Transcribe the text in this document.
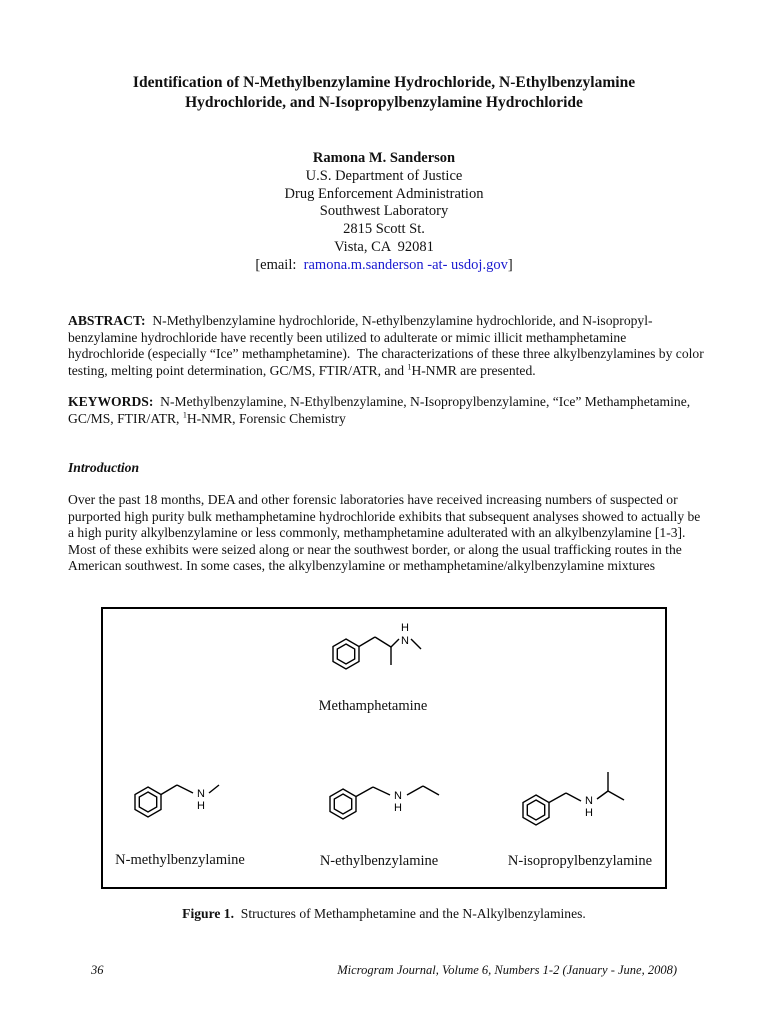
Identification of N-Methylbenzylamine Hydrochloride, N-Ethylbenzylamine
Hydrochloride, and N-Isopropylbenzylamine Hydrochloride
Ramona M. Sanderson
U.S. Department of Justice
Drug Enforcement Administration
Southwest Laboratory
2815 Scott St.
Vista, CA  92081
[email:  ramona.m.sanderson -at- usdoj.gov]
ABSTRACT:  N-Methylbenzylamine hydrochloride, N-ethylbenzylamine hydrochloride, and N-isopropyl-benzylamine hydrochloride have recently been utilized to adulterate or mimic illicit methamphetamine hydrochloride (especially “Ice” methamphetamine).  The characterizations of these three alkylbenzylamines by color testing, melting point determination, GC/MS, FTIR/ATR, and $^1$H-NMR are presented.
KEYWORDS:  N-Methylbenzylamine, N-Ethylbenzylamine, N-Isopropylbenzylamine, “Ice” Methamphetamine, GC/MS, FTIR/ATR, $^1$H-NMR, Forensic Chemistry
Introduction
Over the past 18 months, DEA and other forensic laboratories have received increasing numbers of suspected or purported high purity bulk methamphetamine hydrochloride exhibits that subsequent analyses showed to actually be a high purity alkylbenzylamine or less commonly, methamphetamine adulterated with an alkylbenzylamine [1-3]. Most of these exhibits were seized along or near the southwest border, or along the usual trafficking routes in the American southwest. In some cases, the alkylbenzylamine or methamphetamine/alkylbenzylamine mixtures
H
N
N
H
N
H
N
H
Methamphetamine
N-methylbenzylamine	N-ethylbenzylamine	N-isopropylbenzylamine
Figure 1.  Structures of Methamphetamine and the N-Alkylbenzylamines.
36	Microgram Journal, Volume 6, Numbers 1-2 (January - June, 2008)
